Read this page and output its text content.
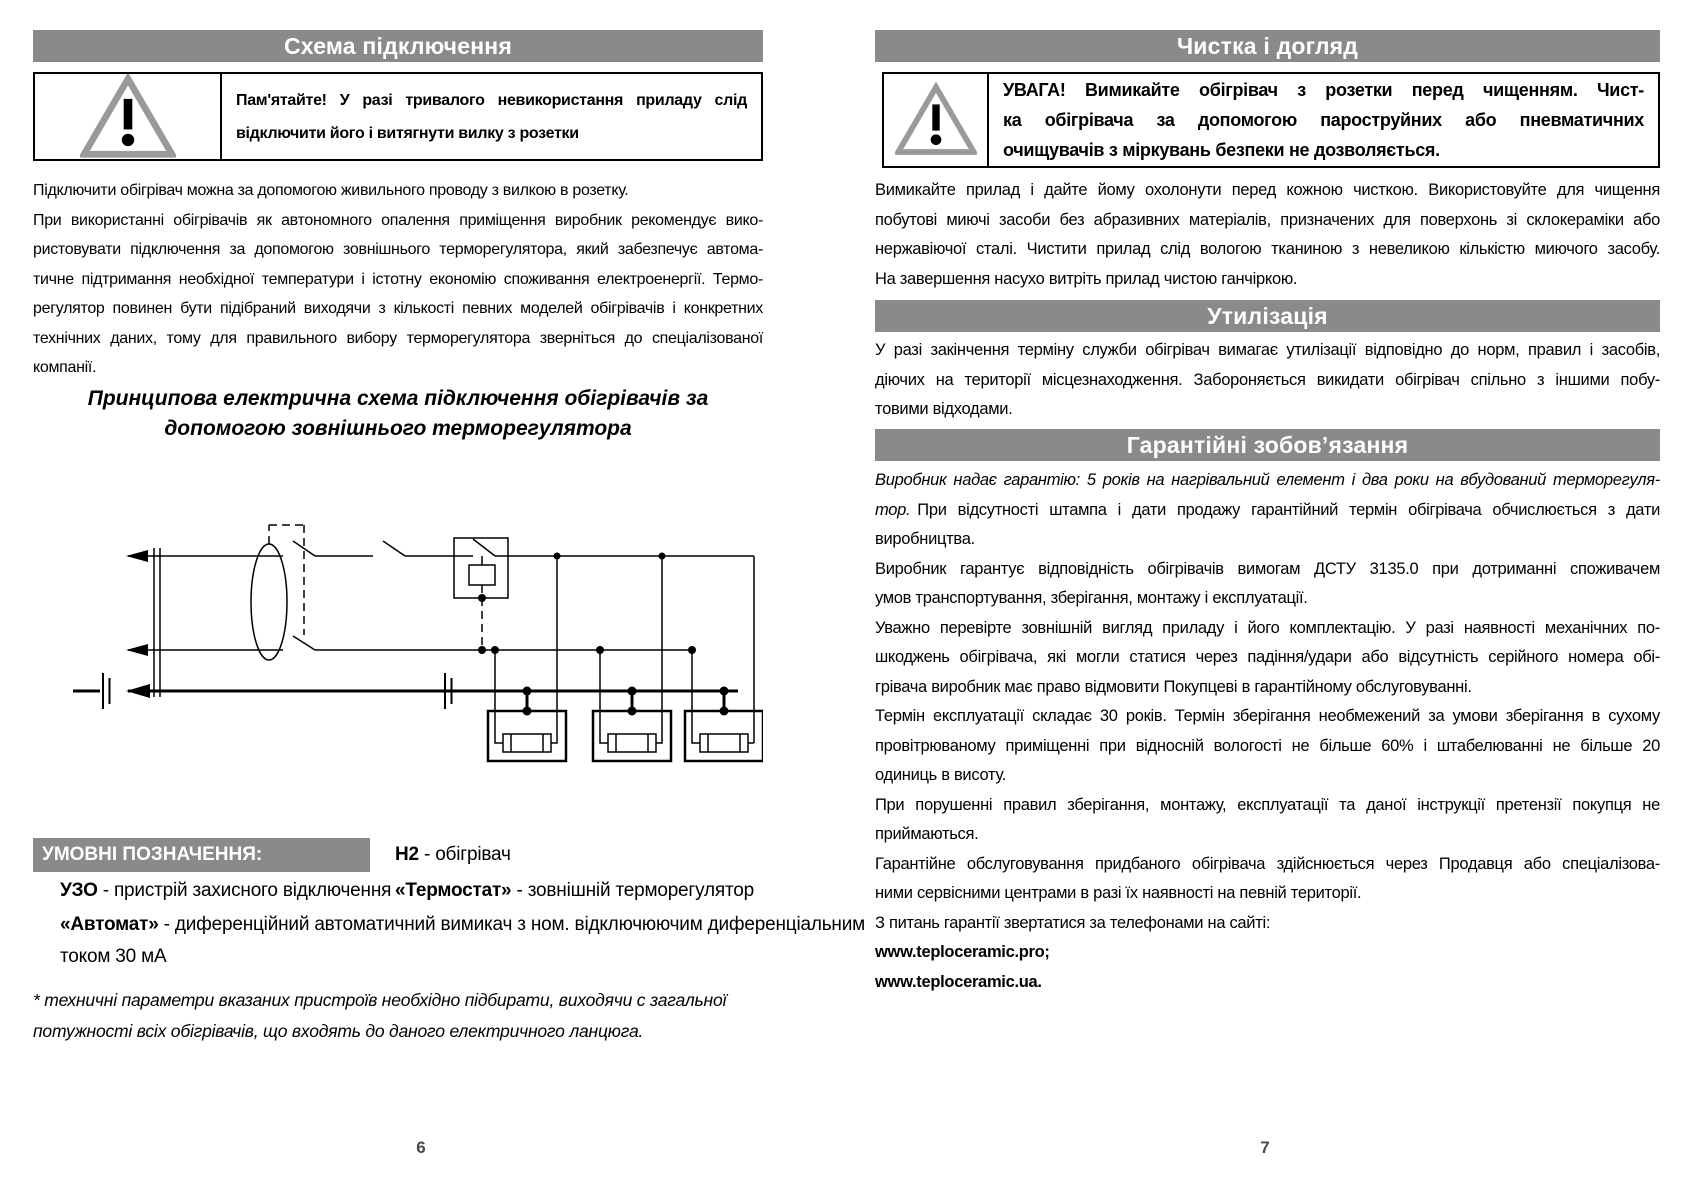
Схема підключення
Пам'ятайте! У разі тривалого невикористання приладу слід
відключити його і витягнути вилку з розетки
Підключити обігрівач можна за допомогою живильного проводу з вилкою в розетку.
При використанні обігрівачів як автономного опалення приміщення виробник рекомендує вико-
ристовувати підключення за допомогою зовнішнього терморегулятора, який забезпечує автома-
тичне підтримання необхідної температури і істотну економію споживання електроенергії. Термо-
регулятор повинен бути підібраний виходячи з кількості певних моделей обігрівачів і конкретних
технічних даних, тому для правильного вибору терморегулятора зверніться до спеціалізованої
компанії.
Принципова електрична схема підключення обігрівачів за
допомогою зовнішнього терморегулятора
УМОВНІ ПОЗНАЧЕННЯ:	Н2 - обігрівач
УЗО - пристрій захисного відключення «Термостат» - зовнішній терморегулятор
«Автомат» - диференційний автоматичний вимикач з ном. відключюючим диференціальним
током 30 мА
* техничні параметри вказаних пристроїв необхідно підбирати, виходячи с загальної
потужності всіх обігрівачів, що входять до даного електричного ланцюга.
6
Чистка і догляд
УВАГА! Вимикайте обігрівач з розетки перед чищенням. Чист-
ка обігрівача за допомогою пароструйних або пневматичних
очищувачів з міркувань безпеки не дозволяється.
Вимикайте прилад і дайте йому охолонути перед кожною чисткою. Використовуйте для чищення
побутові миючі засоби без абразивних матеріалів, призначених для поверхонь зі склокераміки або
нержавіючої сталі. Чистити прилад слід вологою тканиною з невеликою кількістю миючого засобу.
На завершення насухо витріть прилад чистою ганчіркою.
Утилізація
У разі закінчення терміну служби обігрівач вимагає утилізації відповідно до норм, правил і засобів,
діючих на території місцезнаходження. Забороняється викидати обігрівач спільно з іншими побу-
товими відходами.
Гарантійні зобов’язання
Виробник надає гарантію: 5 років на нагрівальний елемент і два роки на вбудований терморегуля-
тор. При відсутності штампа і дати продажу гарантійний термін обігрівача обчислюється з дати
виробництва.
Виробник гарантує відповідність обігрівачів вимогам ДСТУ 3135.0 при дотриманні споживачем
умов транспортування, зберігання, монтажу і експлуатації.
Уважно перевірте зовнішній вигляд приладу і його комплектацію. У разі наявності механічних по-
шкоджень обігрівача, які могли статися через падіння/удари або відсутність серійного номера обі-
грівача виробник має право відмовити Покупцеві в гарантійному обслуговуванні.
Термін експлуатації складає 30 років. Термін зберігання необмежений за умови зберігання в сухому
провітрюваному приміщенні при відносній вологості не більше 60% і штабелюванні не більше 20
одиниць в висоту.
При порушенні правил зберігання, монтажу, експлуатації та даної інструкції претензії покупця не
приймаються.
Гарантійне обслуговування придбаного обігрівача здійснюється через Продавця або спеціалізова-
ними сервісними центрами в разі їх наявності на певній території.
З питань гарантії звертатися за телефонами на сайті:
www.teploceramic.pro;
www.teploceramic.ua.
7
